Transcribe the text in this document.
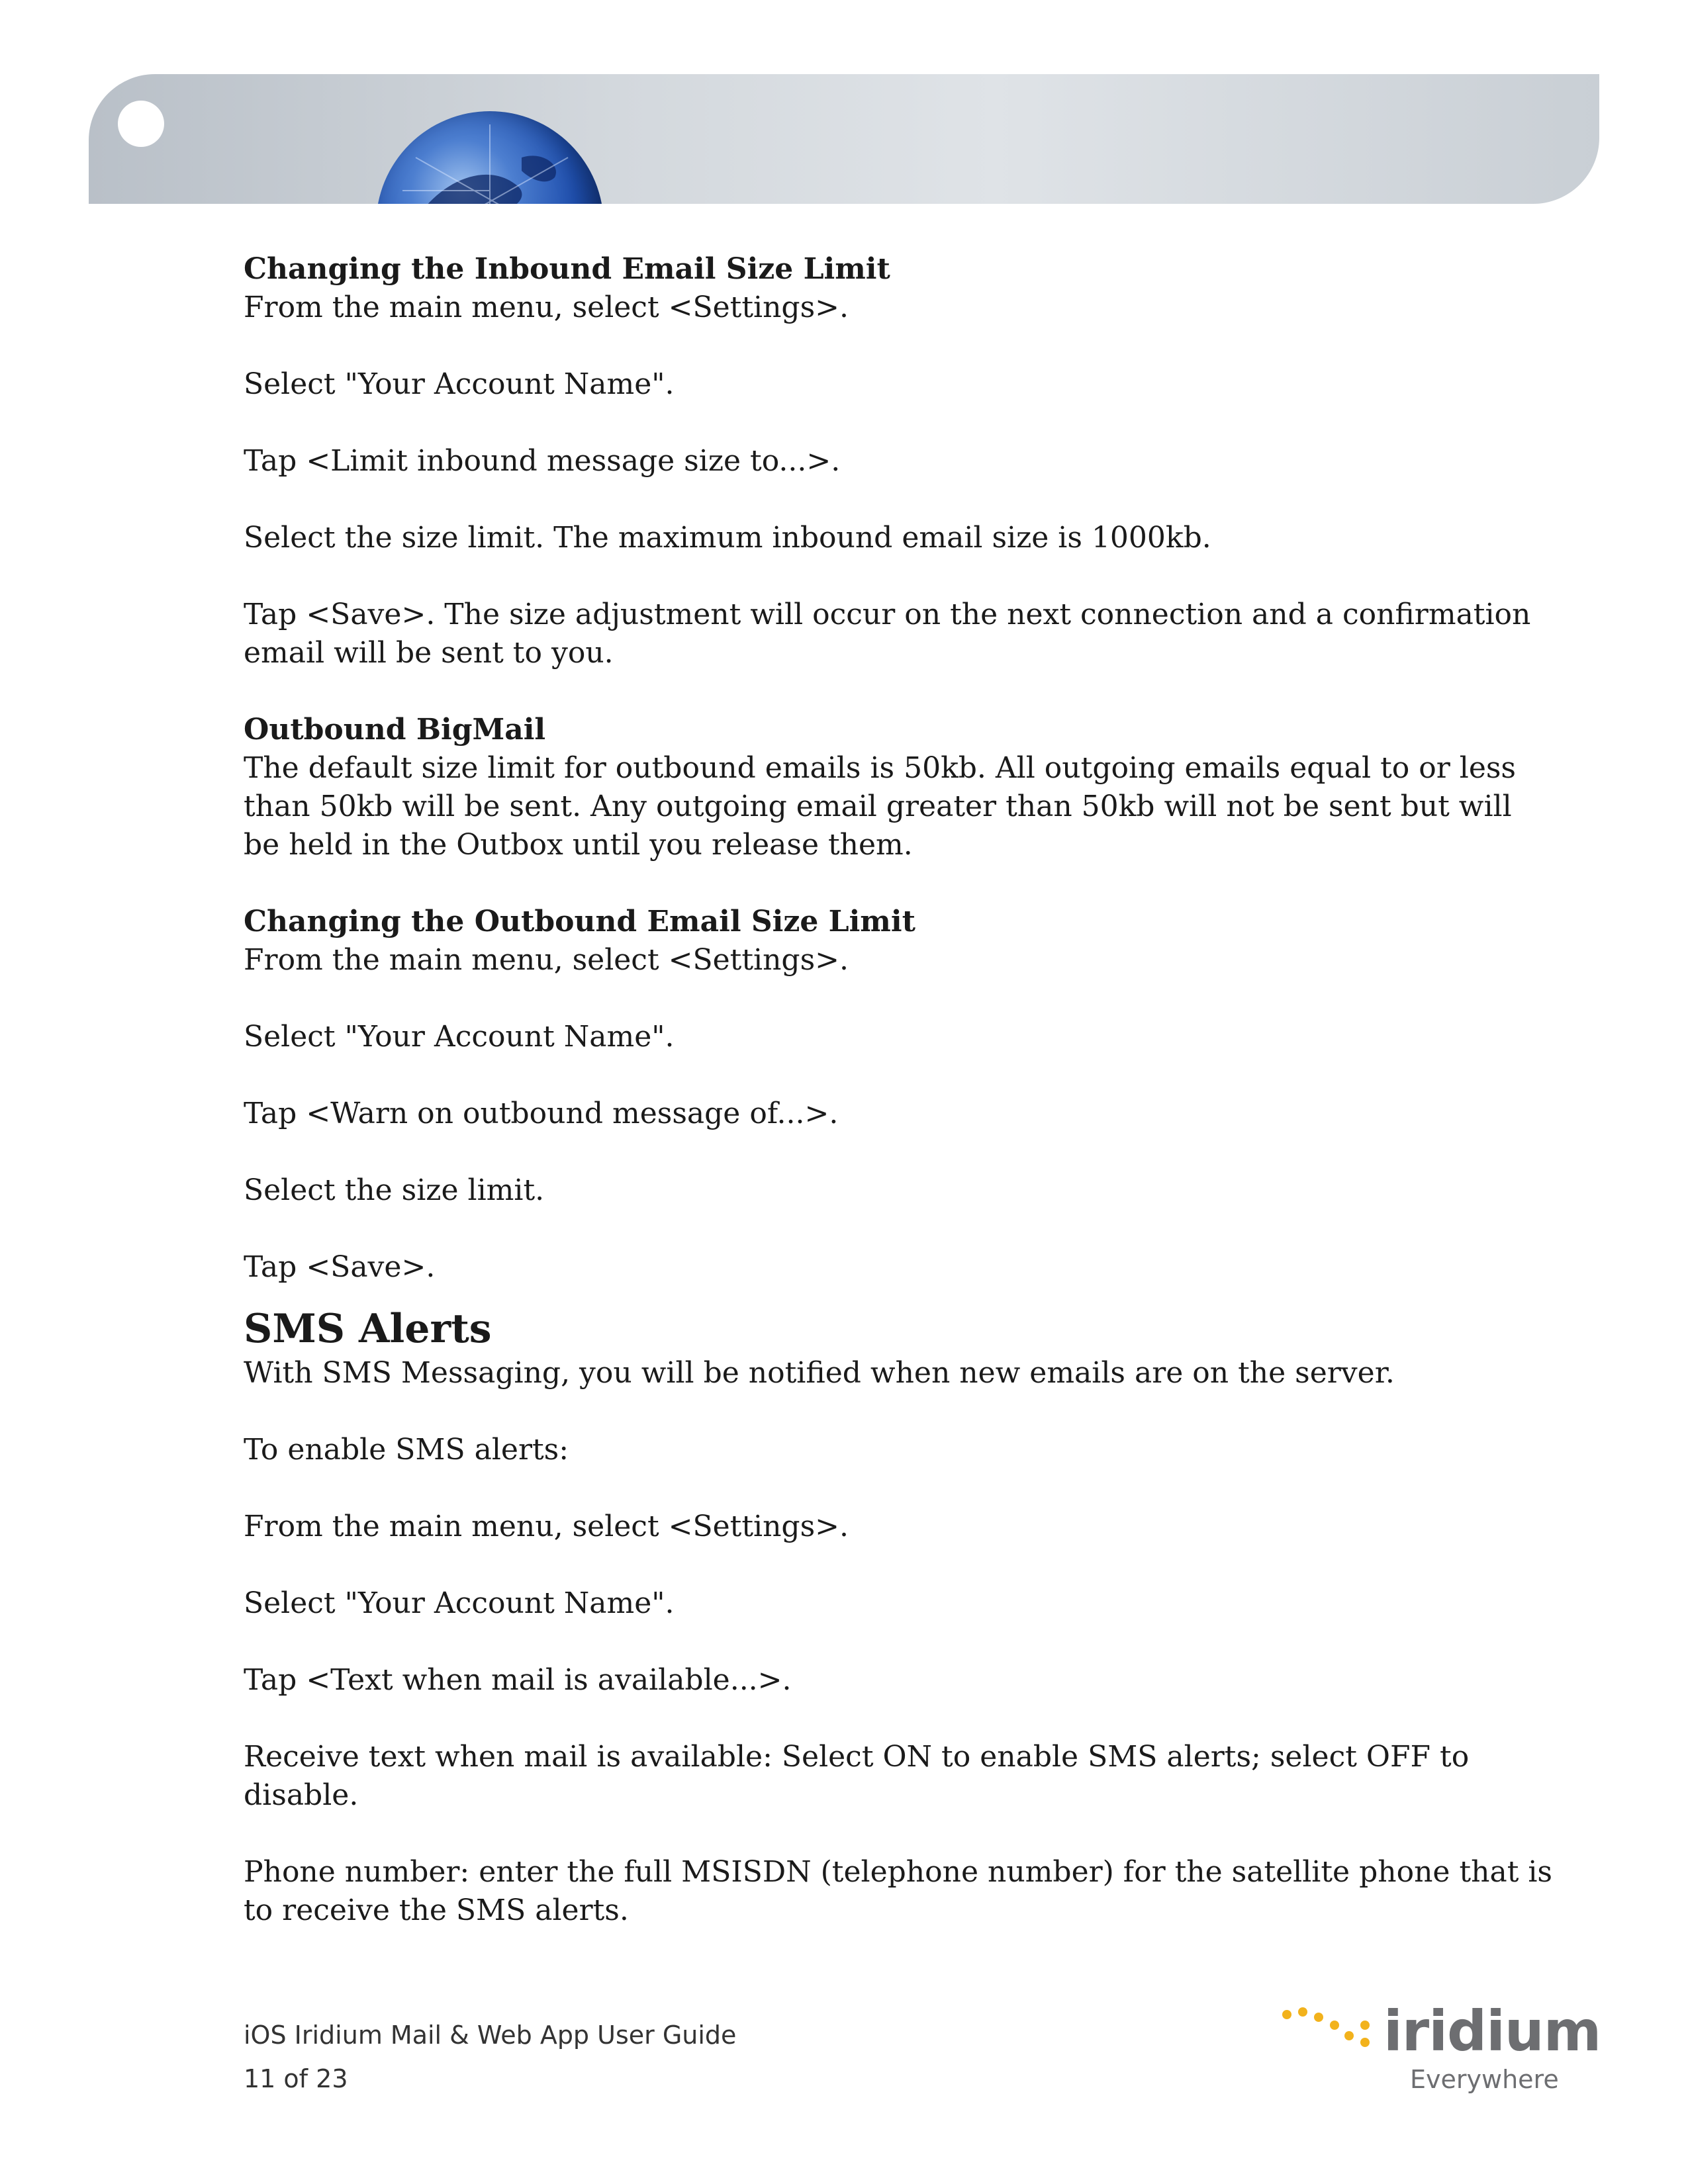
Changing the Inbound Email Size Limit

From the main menu, select <Settings>.

Select "Your Account Name".

Tap <Limit inbound message size to...>.

Select the size limit. The maximum inbound email size is 1000kb.

Tap <Save>. The size adjustment will occur on the next connection and a confirmation email will be sent to you.

Outbound BigMail

The default size limit for outbound emails is 50kb. All outgoing emails equal to or less than 50kb will be sent. Any outgoing email greater than 50kb will not be sent but will be held in the Outbox until you release them.

Changing the Outbound Email Size Limit

From the main menu, select <Settings>.

Select "Your Account Name".

Tap <Warn on outbound message of...>.

Select the size limit.

Tap <Save>.

SMS Alerts

With SMS Messaging, you will be notified when new emails are on the server.

To enable SMS alerts:

From the main menu, select <Settings>.

Select "Your Account Name".

Tap <Text when mail is available...>.

Receive text when mail is available: Select ON to enable SMS alerts; select OFF to disable.

Phone number: enter the full MSISDN (telephone number) for the satellite phone that is to receive the SMS alerts.

iOS Iridium Mail & Web App User Guide
11 of 23
iridium
Everywhere
